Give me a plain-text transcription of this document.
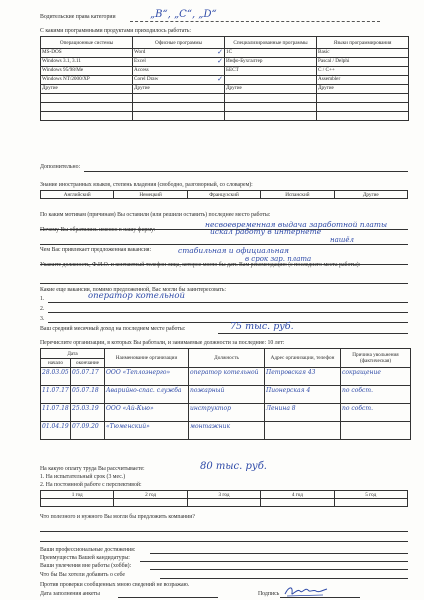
Водительские права категории	„В“, „С“, „D“
С какими программными продуктами приходилось работать:
Операционные системы	Офисные программы	Специализированные программы	Языки программирования
MS-DOS	Word ✓	1С	Basic
Windows 3.1, 3.11	Excel ✓	Инфо-Бухгалтер	Pascal / Delphi
Windows 95/98/Me	Access	БЕСТ	C / C++
Windows NT/2000/XP	Corel Draw ✓		Assembler
Другие	Другие	Другие	Другие

Дополнительно:
Знание иностранных языков, степень владения (свободно, разговорный, со словарем):
Английский	Немецкий	Французский	Испанский	Другие
По каким мотивам (причинам) Вы оставили (или решили оставить) последнее место работы:
несвоевременная выдача заработной платы
Почему Вы обратились именно в нашу фирму:	искал работу в интернете
нашёл
Чем Вас привлекает предложенная вакансия:	стабильная и официальная
в срок зар. плата
Укажите должность, Ф.И.О. и контактный телефон лица, которое могло бы дать Вам рекомендацию (с последнего места работы):
Какие еще вакансии, помимо предложенной, Вас могли бы заинтересовать:
1.	оператор котельной
2.
3.
Ваш средний месячный доход на последнем месте работы:	75 тыс. руб.
Перечислите организации, в которых Вы работали, и занимаемые должности за последние: 10 лет:
Дата		Наименование организации	Должность	Адрес организации, телефон	Причина увольнения (фактическая)
начало	окончание				
28.03.05	05.07.17	ООО «Теплоэнерго»	оператор котельной	Петровская 43	сокращение
11.07.17	05.07.18	Аварийно-спас. служба	пожарный	Пионерская 4	по собст.
11.07.18	25.03.19	ООО «Ай-Кью»	инструктор	Ленина 8	по собст.
01.04.19	07.09.20	«Тюменский»	монтажник		
На какую оплату труда Вы рассчитываете:	80 тыс. руб.
1. На испытательный срок (3 мес.)
2. На постоянной работе с перспективой:
1 год	2 год	3 год	4 год	5 год

Что полезного и нужного Вы могли бы предложить компании?
Ваши профессиональные достижения:
Преимущества Вашей кандидатуры:
Ваши увлечения вне работы (хобби):
Что бы Вы хотели добавить о себе
Против проверки сообщенных мною сведений не возражаю.
Дата заполнения анкеты	Подпись
